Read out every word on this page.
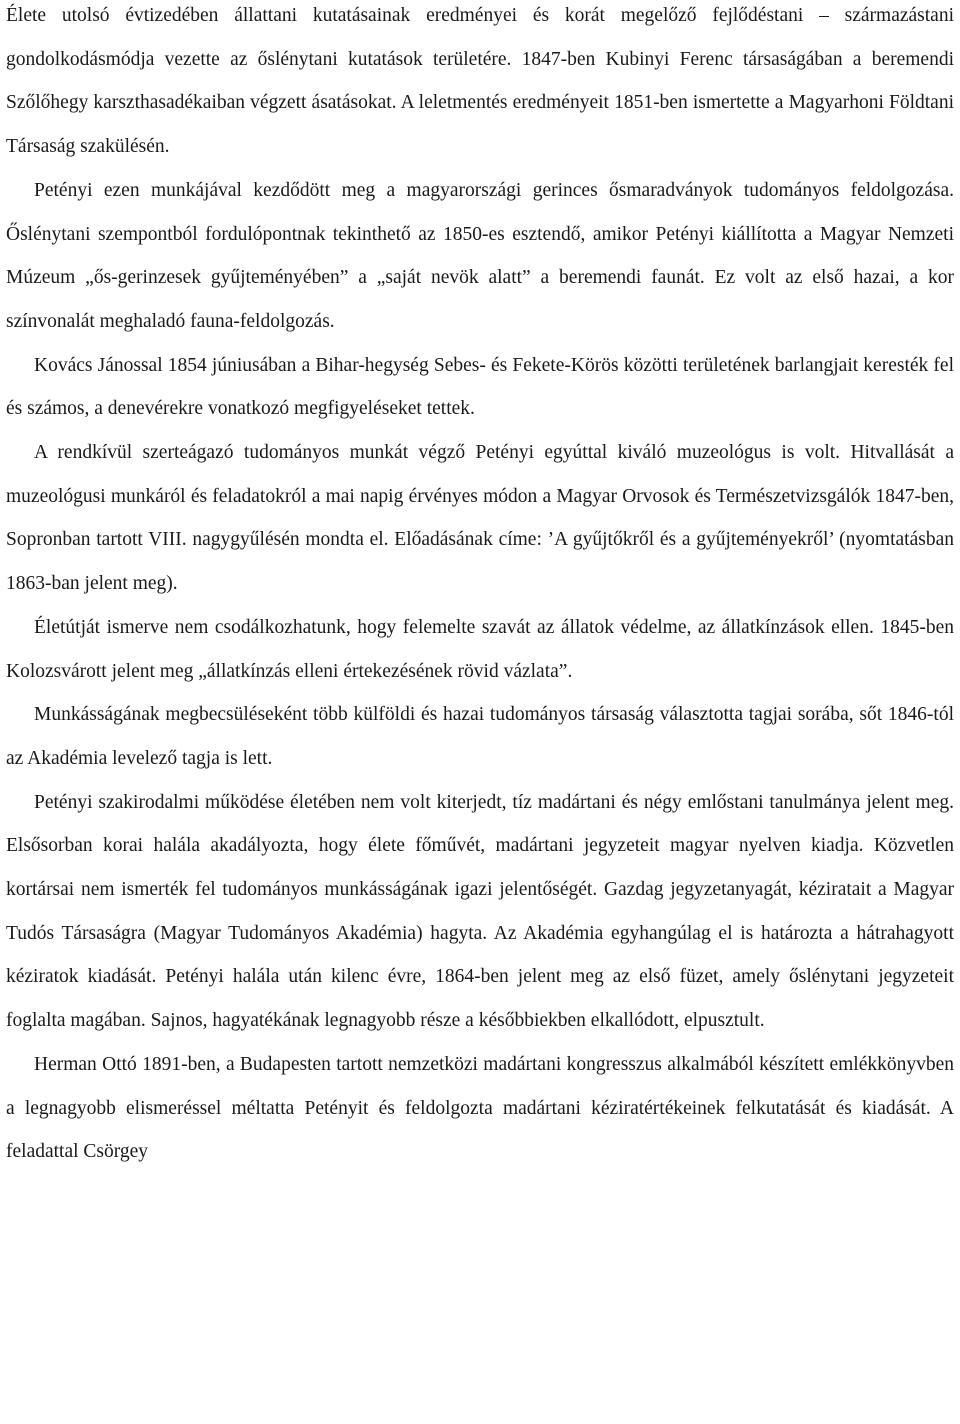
Élete utolsó évtizedében állattani kutatásainak eredményei és korát megelőző fejlődéstani – származástani gondolkodásmódja vezette az őslénytani kutatások területére. 1847-ben Kubinyi Ferenc társaságában a beremendi Szőlőhegy karszthasadékaiban végzett ásatásokat. A leletmentés eredményeit 1851-ben ismertette a Magyarhoni Földtani Társaság szakülésén.

Petényi ezen munkájával kezdődött meg a magyarországi gerinces ősmaradványok tudományos feldolgozása. Őslénytani szempontból fordulópontnak tekinthető az 1850-es esztendő, amikor Petényi kiállította a Magyar Nemzeti Múzeum „ős-gerinzesek gyűjteményében” a „saját nevök alatt” a beremendi faunát. Ez volt az első hazai, a kor színvonalát meghaladó fauna-feldolgozás.

Kovács Jánossal 1854 júniusában a Bihar-hegység Sebes- és Fekete-Körös közötti területének barlangjait keresték fel és számos, a denevérekre vonatkozó megfigyeléseket tettek.

A rendkívül szerteágazó tudományos munkát végző Petényi egyúttal kiváló muzeológus is volt. Hitvallását a muzeológusi munkáról és feladatokról a mai napig érvényes módon a Magyar Orvosok és Természetvizsgálók 1847-ben, Sopronban tartott VIII. nagygyűlésén mondta el. Előadásának címe: ’A gyűjtőkről és a gyűjteményekről’ (nyomtatásban 1863-ban jelent meg).

Életútját ismerve nem csodálkozhatunk, hogy felemelte szavát az állatok védelme, az állatkínzások ellen. 1845-ben Kolozsvárott jelent meg „állatkínzás elleni értekezésének rövid vázlata”.

Munkásságának megbecsüléseként több külföldi és hazai tudományos társaság választotta tagjai sorába, sőt 1846-tól az Akadémia levelező tagja is lett.

Petényi szakirodalmi működése életében nem volt kiterjedt, tíz madártani és négy emlőstani tanulmánya jelent meg. Elsősorban korai halála akadályozta, hogy élete főművét, madártani jegyzeteit magyar nyelven kiadja. Közvetlen kortársai nem ismerték fel tudományos munkásságának igazi jelentőségét. Gazdag jegyzetanyagát, kéziratait a Magyar Tudós Társaságra (Magyar Tudományos Akadémia) hagyta. Az Akadémia egyhangúlag el is határozta a hátrahagyott kéziratok kiadását. Petényi halála után kilenc évre, 1864-ben jelent meg az első füzet, amely őslénytani jegyzeteit foglalta magában. Sajnos, hagyatékának legnagyobb része a későbbiekben elkallódott, elpusztult.

Herman Ottó 1891-ben, a Budapesten tartott nemzetközi madártani kongresszus alkalmából készített emlékkönyvben a legnagyobb elismeréssel méltatta Petényit és feldolgozta madártani kéziratértékeinek felkutatását és kiadását. A feladattal Csörgey
